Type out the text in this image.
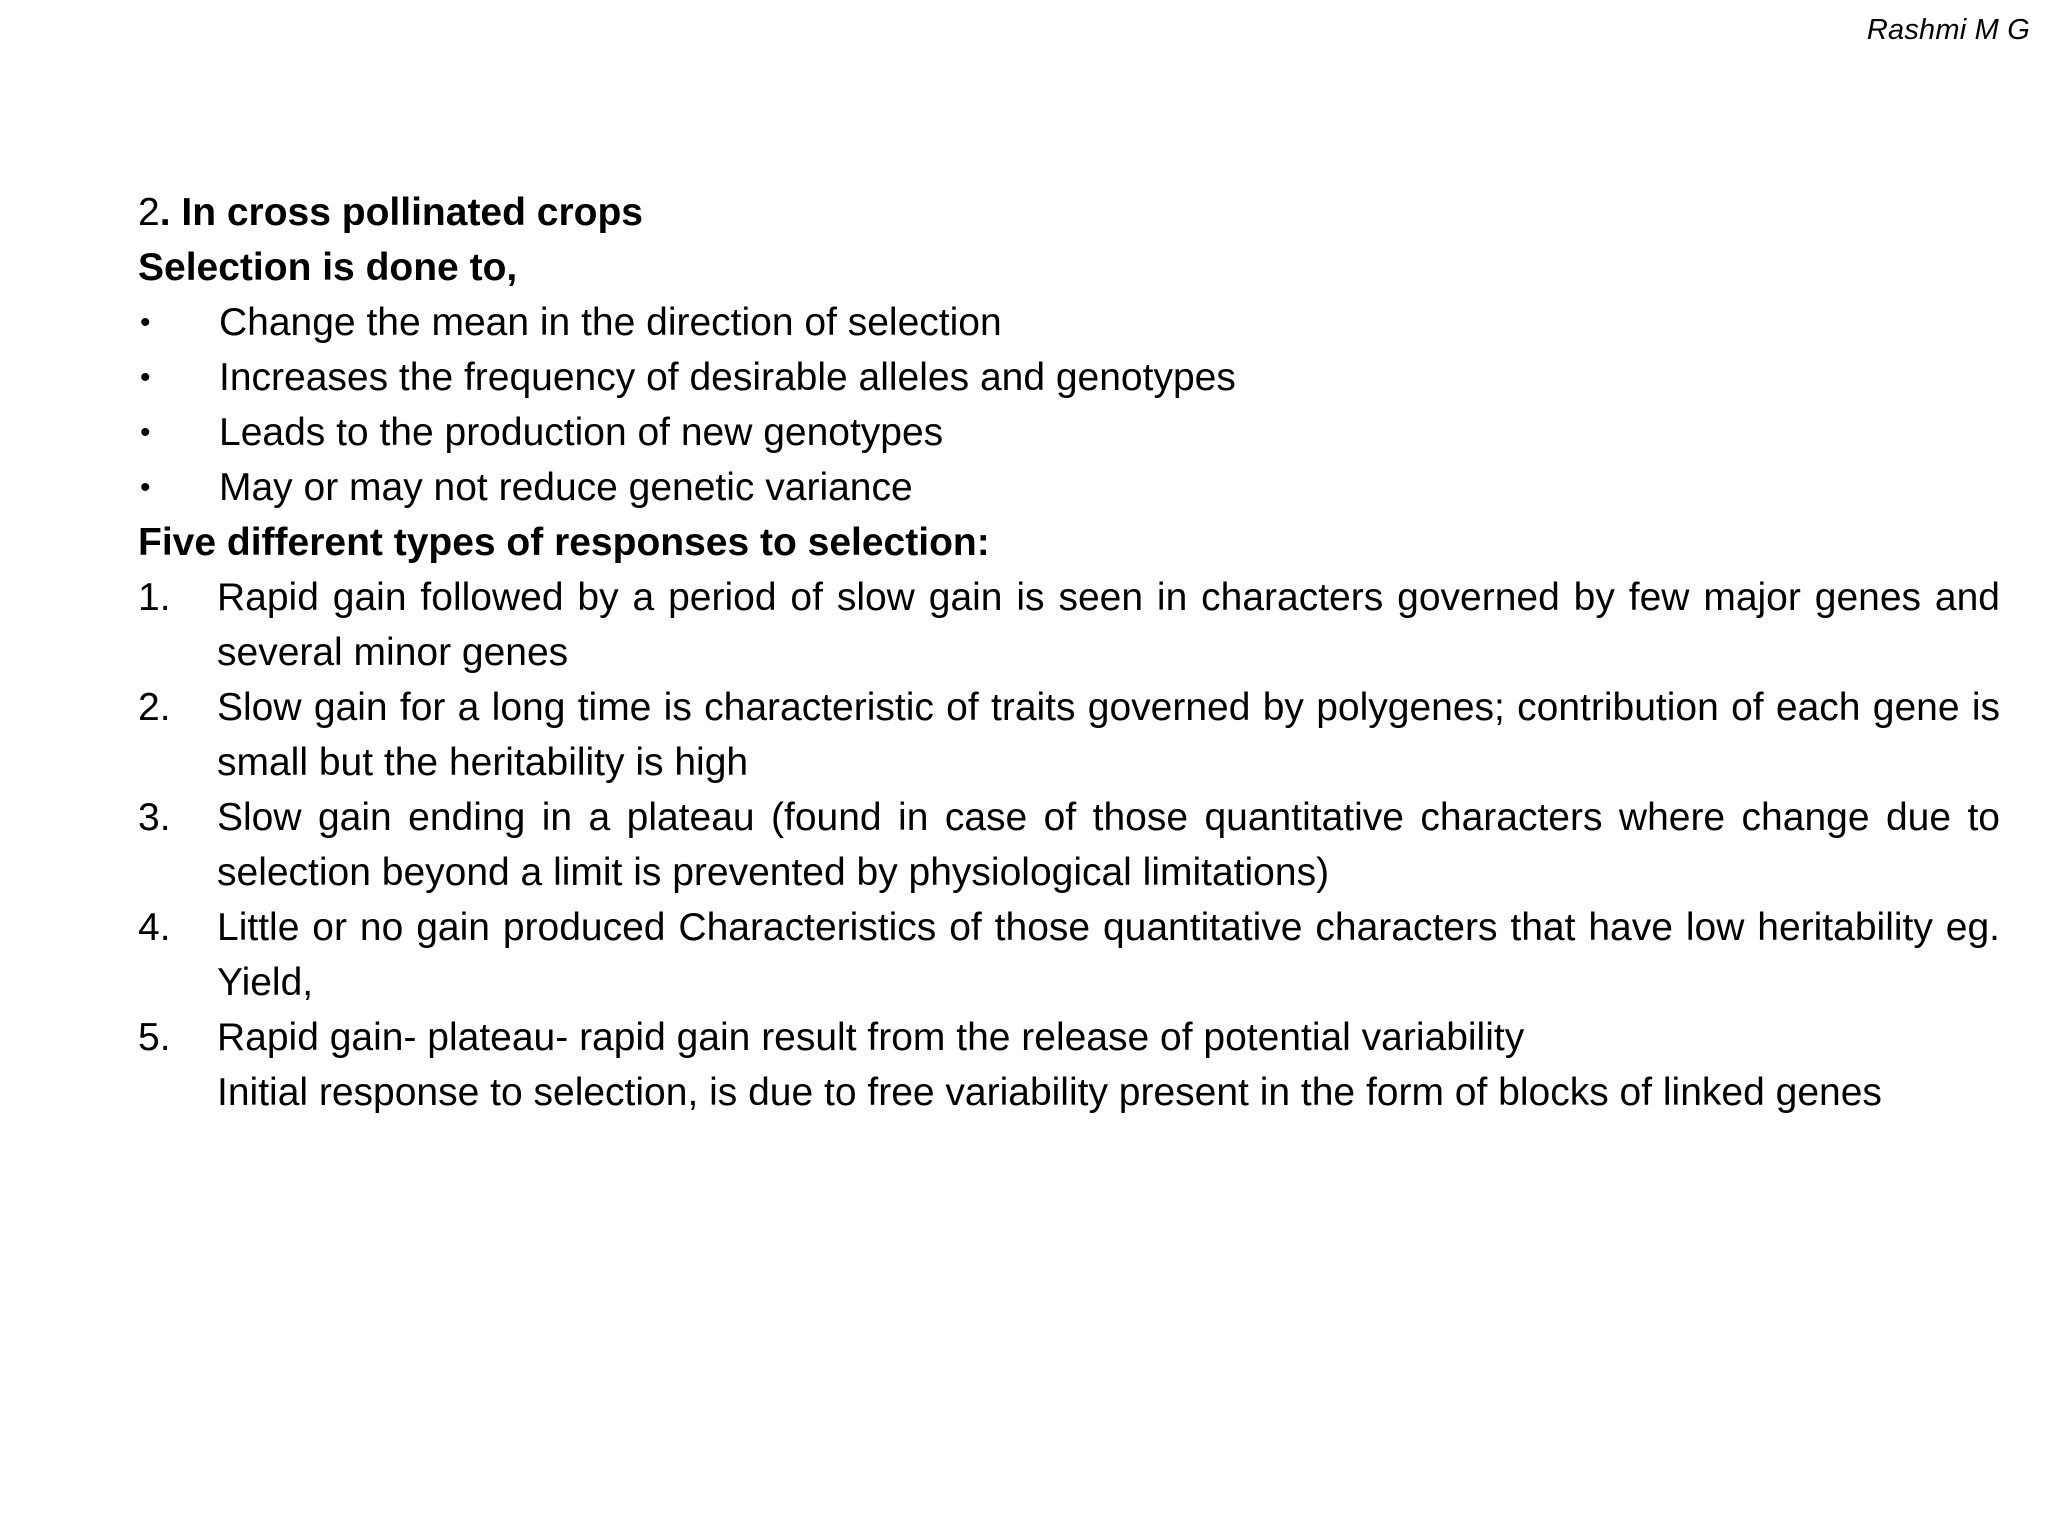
Rashmi M G

2. In cross pollinated crops

Selection is done to,

•	Change the mean in the direction of selection
•	Increases the frequency of desirable alleles and genotypes
•	Leads to the production of new genotypes
•	May or may not reduce genetic variance

Five different types of responses to selection:

1.	Rapid gain followed by a period of slow gain is seen in characters governed by few major genes and several minor genes
2.	Slow gain for a long time is characteristic of traits governed by polygenes; contribution of each gene is small but the heritability is high
3.	Slow gain ending in a plateau (found in case of those quantitative characters where change due to selection beyond a limit is prevented by physiological limitations)
4.	Little or no gain produced Characteristics of those quantitative characters that have low heritability eg. Yield,
5.	Rapid gain- plateau- rapid gain result from the release of potential variability

Initial response to selection, is due to free variability present in the form of blocks of linked genes
